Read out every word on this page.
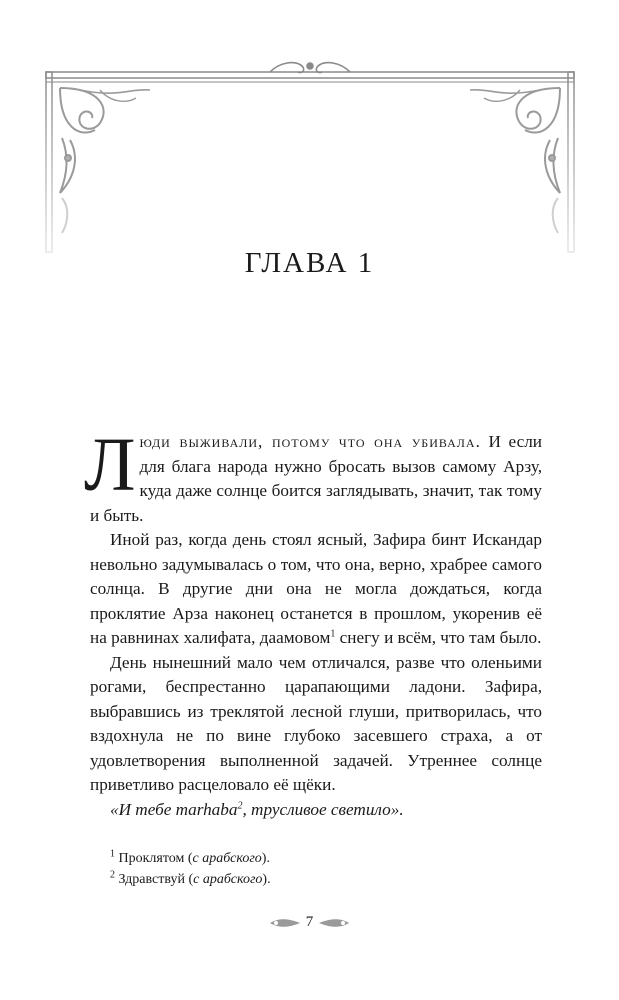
ГЛАВА 1

Люди выживали, потому что она убивала. И если для блага народа нужно бросать вызов самому Арзу, куда даже солнце боится заглядывать, значит, так тому и быть.

Иной раз, когда день стоял ясный, Зафира бинт Искандар невольно задумывалась о том, что она, верно, храбрее самого солнца. В другие дни она не могла дождаться, когда проклятие Арза наконец останется в прошлом, укоренив её на равнинах халифата, даамовом$^1$ снегу и всём, что там было.

День нынешний мало чем отличался, разве что оленьими рогами, беспрестанно царапающими ладони. Зафира, выбравшись из треклятой лесной глуши, притворилась, что вздохнула не по вине глубоко засевшего страха, а от удовлетворения выполненной задачей. Утреннее солнце приветливо расцеловало её щёки.

«И тебе marhaba$^2$, трусливое светило».

$^1$ Проклятом (с арабского).

$^2$ Здравствуй (с арабского).

7
